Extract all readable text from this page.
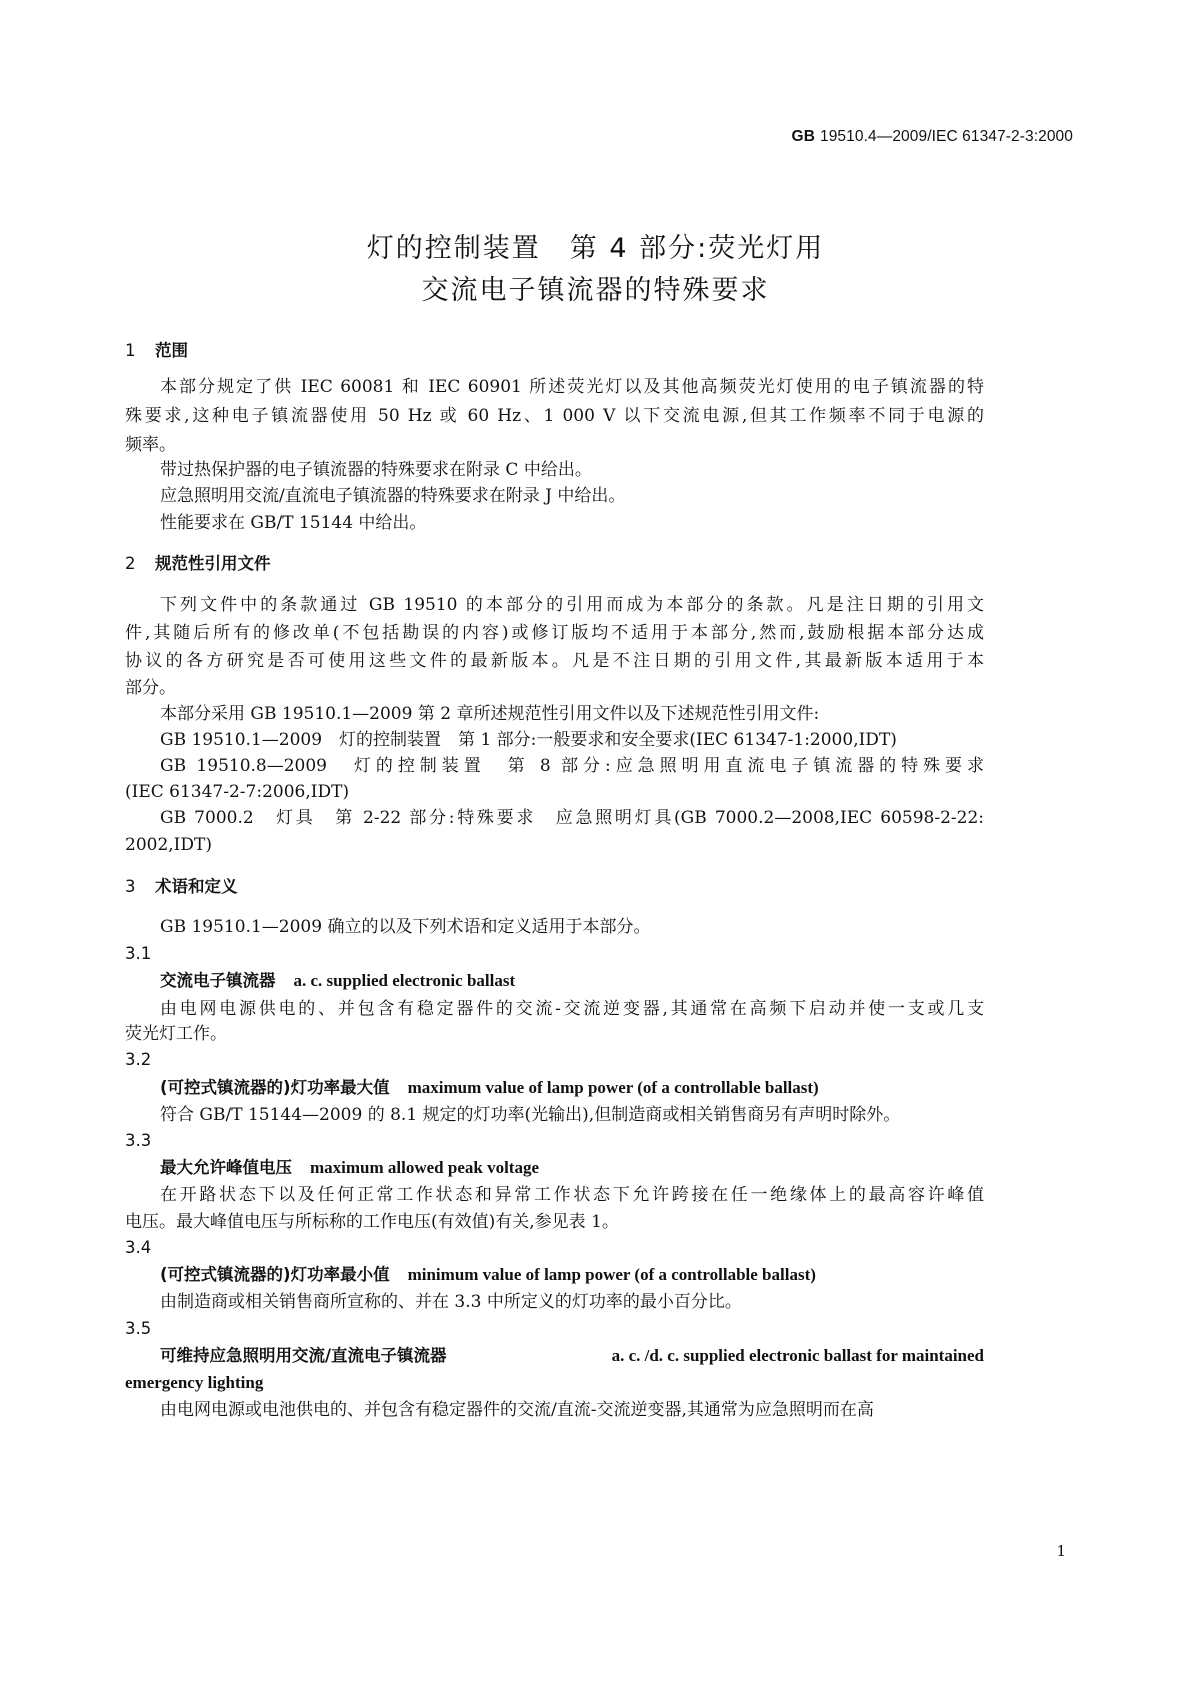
GB 19510.4—2009/IEC 61347-2-3:2000
灯的控制装置　第 4 部分:荧光灯用
交流电子镇流器的特殊要求
1 范围
本部分规定了供 IEC 60081 和 IEC 60901 所述荧光灯以及其他高频荧光灯使用的电子镇流器的特
殊要求,这种电子镇流器使用 50 Hz 或 60 Hz、1 000 V 以下交流电源,但其工作频率不同于电源的
频率。
带过热保护器的电子镇流器的特殊要求在附录 C 中给出。
应急照明用交流/直流电子镇流器的特殊要求在附录 J 中给出。
性能要求在 GB/T 15144 中给出。
2 规范性引用文件
下列文件中的条款通过 GB 19510 的本部分的引用而成为本部分的条款。凡是注日期的引用文
件,其随后所有的修改单(不包括勘误的内容)或修订版均不适用于本部分,然而,鼓励根据本部分达成
协议的各方研究是否可使用这些文件的最新版本。凡是不注日期的引用文件,其最新版本适用于本
部分。
本部分采用 GB 19510.1—2009 第 2 章所述规范性引用文件以及下述规范性引用文件:
GB 19510.1—2009　灯的控制装置　第 1 部分:一般要求和安全要求(IEC 61347-1:2000,IDT)
GB 19510.8—2009　灯的控制装置　第 8 部分:应急照明用直流电子镇流器的特殊要求
(IEC 61347-2-7:2006,IDT)
GB 7000.2　灯具　第 2-22 部分:特殊要求　应急照明灯具(GB 7000.2—2008,IEC 60598-2-22:
2002,IDT)
3 术语和定义
GB 19510.1—2009 确立的以及下列术语和定义适用于本部分。
3.1
交流电子镇流器 a. c. supplied electronic ballast
由电网电源供电的、并包含有稳定器件的交流-交流逆变器,其通常在高频下启动并使一支或几支
荧光灯工作。
3.2
(可控式镇流器的)灯功率最大值 maximum value of lamp power (of a controllable ballast)
符合 GB/T 15144—2009 的 8.1 规定的灯功率(光输出),但制造商或相关销售商另有声明时除外。
3.3
最大允许峰值电压 maximum allowed peak voltage
在开路状态下以及任何正常工作状态和异常工作状态下允许跨接在任一绝缘体上的最高容许峰值
电压。最大峰值电压与所标称的工作电压(有效值)有关,参见表 1。
3.4
(可控式镇流器的)灯功率最小值 minimum value of lamp power (of a controllable ballast)
由制造商或相关销售商所宣称的、并在 3.3 中所定义的灯功率的最小百分比。
3.5
可维持应急照明用交流/直流电子镇流器	a. c. /d. c. supplied electronic ballast for maintained
emergency lighting
由电网电源或电池供电的、并包含有稳定器件的交流/直流-交流逆变器,其通常为应急照明而在高
1
